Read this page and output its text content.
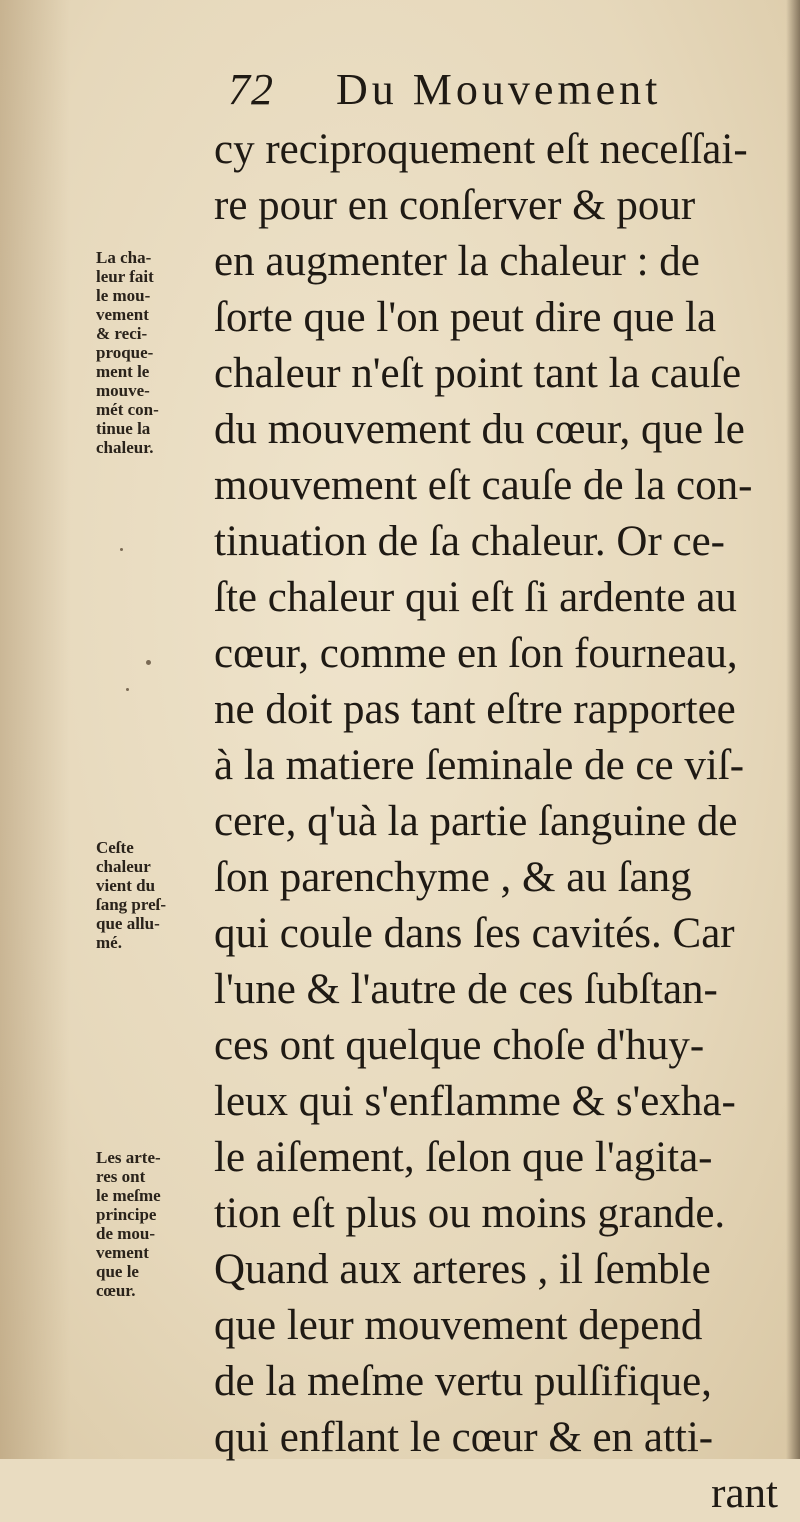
72 Du Mouvement
cy reciproquement eſt neceſſai-
re pour en conſerver & pour
en augmenter la chaleur : de
ſorte que l'on peut dire que la
chaleur n'eſt point tant la cauſe
du mouvement du cœur, que le
mouvement eſt cauſe de la con-
tinuation de ſa chaleur. Or ce-
ſte chaleur qui eſt ſi ardente au
cœur, comme en ſon fourneau,
ne doit pas tant eſtre rapportee
à la matiere ſeminale de ce viſ-
cere, q'uà la partie ſanguine de
ſon parenchyme , & au ſang
qui coule dans ſes cavités. Car
l'une & l'autre de ces ſubſtan-
ces ont quelque choſe d'huy-
leux qui s'enflamme & s'exha-
le aiſement, ſelon que l'agita-
tion eſt plus ou moins grande.
Quand aux arteres , il ſemble
que leur mouvement depend
de la meſme vertu pulſifique,
qui enflant le cœur & en atti-
rant
La cha-
leur fait
le mou-
vement
& reci-
proque-
ment le
mouve-
mét con-
tinue la
chaleur.
Ceſte
chaleur
vient du
ſang preſ-
que allu-
mé.
Les arte-
res ont
le meſme
principe
de mou-
vement
que le
cœur.
